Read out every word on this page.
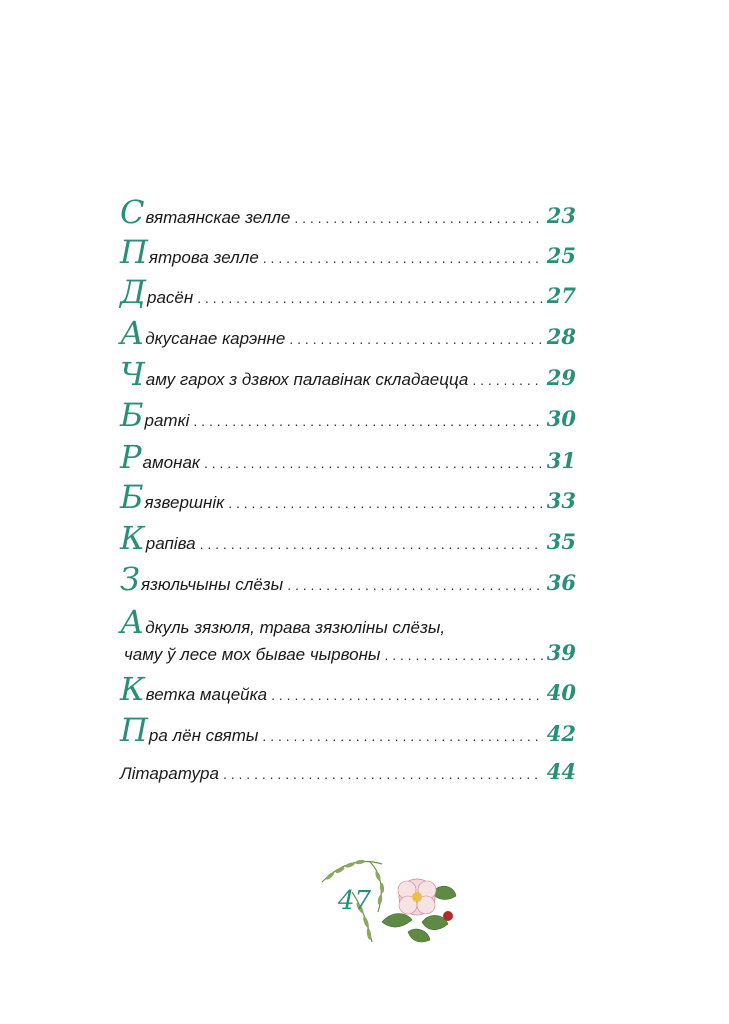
С вятаянскае зелле . . .	23
П ятрова зелле . . .	25
Д расён . . .	27
А дкусанае карэнне . . .	28
Ч аму гарох з дзвюх палавінак складаецца . . .	29
Б раткі . . .	30
Р амонак . . .	31
Б язвершнік . . .	33
К рапіва . . .	35
З язюльчыны слёзы . . .	36
А дкуль зязюля, трава зязюліны слёзы,
чаму ў лесе мох бывае чырвоны . . .	39
К ветка мацейка . . .	40
П ра лён святы . . .	42
Літаратура . . .	44
47
